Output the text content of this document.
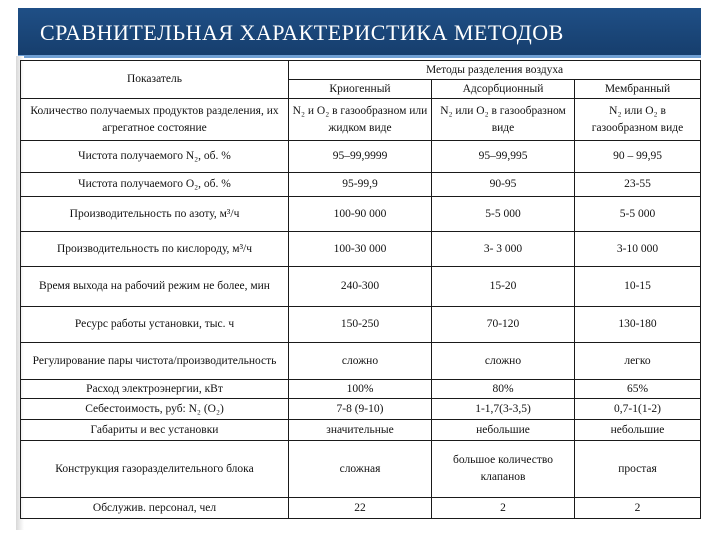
СРАВНИТЕЛЬНАЯ ХАРАКТЕРИСТИКА МЕТОДОВ
Показатель	Методы разделения воздуха		
	Криогенный	Адсорбционный	Мембранный
Количество получаемых продуктов разделения, их агрегатное состояние	N₂ и O₂ в газообразном или жидком виде	N₂ или O₂ в газообразном виде	N₂ или O₂ в газообразном виде
Чистота получаемого N₂, об. %	95–99,9999	95–99,995	90 – 99,95
Чистота получаемого O₂, об. %	95-99,9	90-95	23-55
Производительность по азоту, м³/ч	100-90 000	5-5 000	5-5 000
Производительность по кислороду, м³/ч	100-30 000	3- 3 000	3-10 000
Время выхода на рабочий режим не более, мин	240-300	15-20	10-15
Ресурс работы установки, тыс. ч	150-250	70-120	130-180
Регулирование пары чистота/производительность	сложно	сложно	легко
Расход электроэнергии, кВт	100%	80%	65%
Себестоимость, руб: N₂ (O₂)	7-8 (9-10)	1-1,7(3-3,5)	0,7-1(1-2)
Габариты и вес установки	значительные	небольшие	небольшие
Конструкция газоразделительного блока	сложная	большое количество клапанов	простая
Обслужив. персонал, чел	22	2	2
